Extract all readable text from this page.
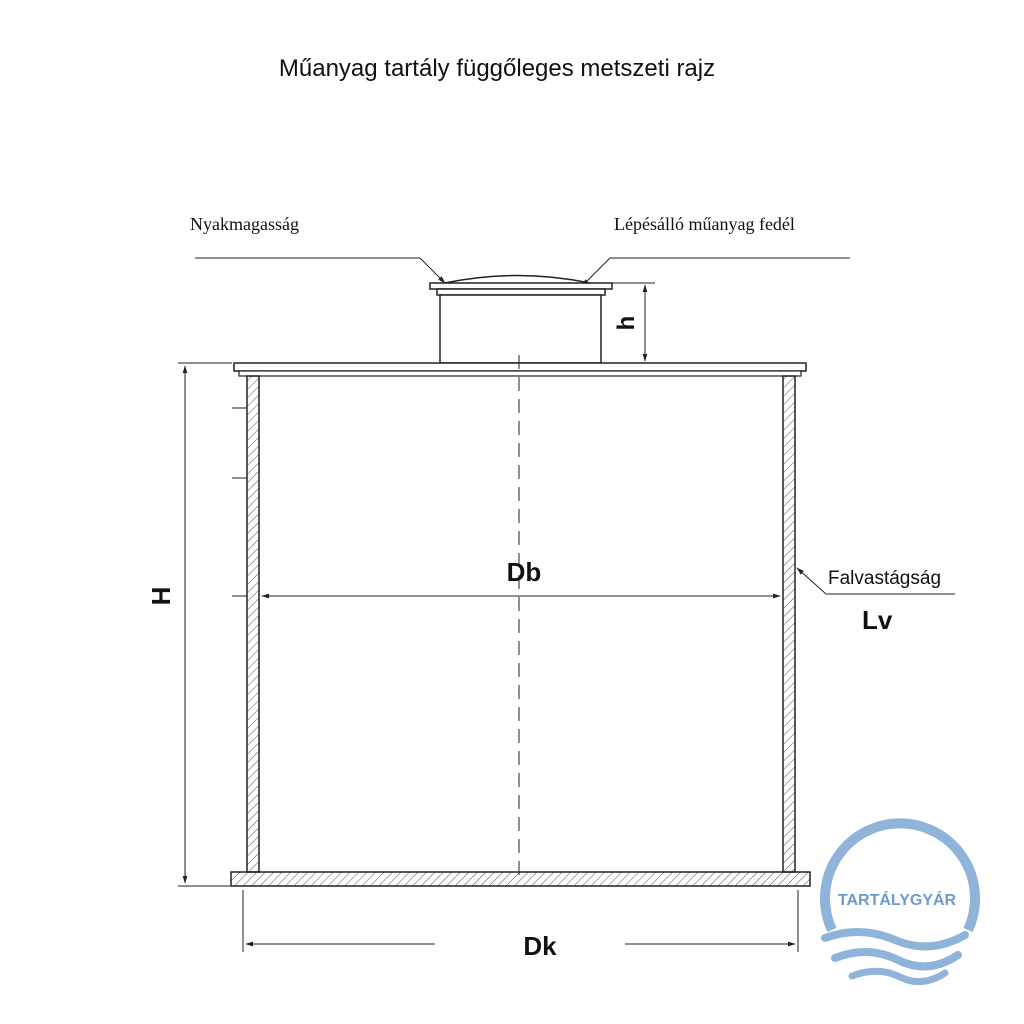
Műanyag tartály függőleges metszeti rajz
Nyakmagasság	Lépésálló műanyag fedél
h
H
Db	Falvastágság
Lv
Dk
TARTÁLYGYÁR
